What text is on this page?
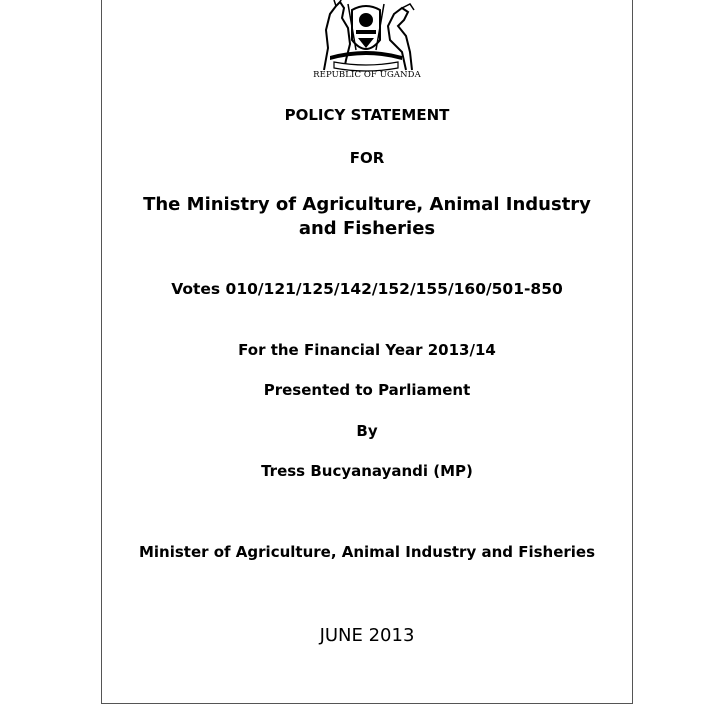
REPUBLIC OF UGANDA
POLICY STATEMENT
FOR
The Ministry of Agriculture, Animal Industry and Fisheries
Votes 010/121/125/142/152/155/160/501-850
For the Financial Year 2013/14
Presented to Parliament
By
Tress Bucyanayandi (MP)
Minister of Agriculture, Animal Industry and Fisheries
JUNE 2013
